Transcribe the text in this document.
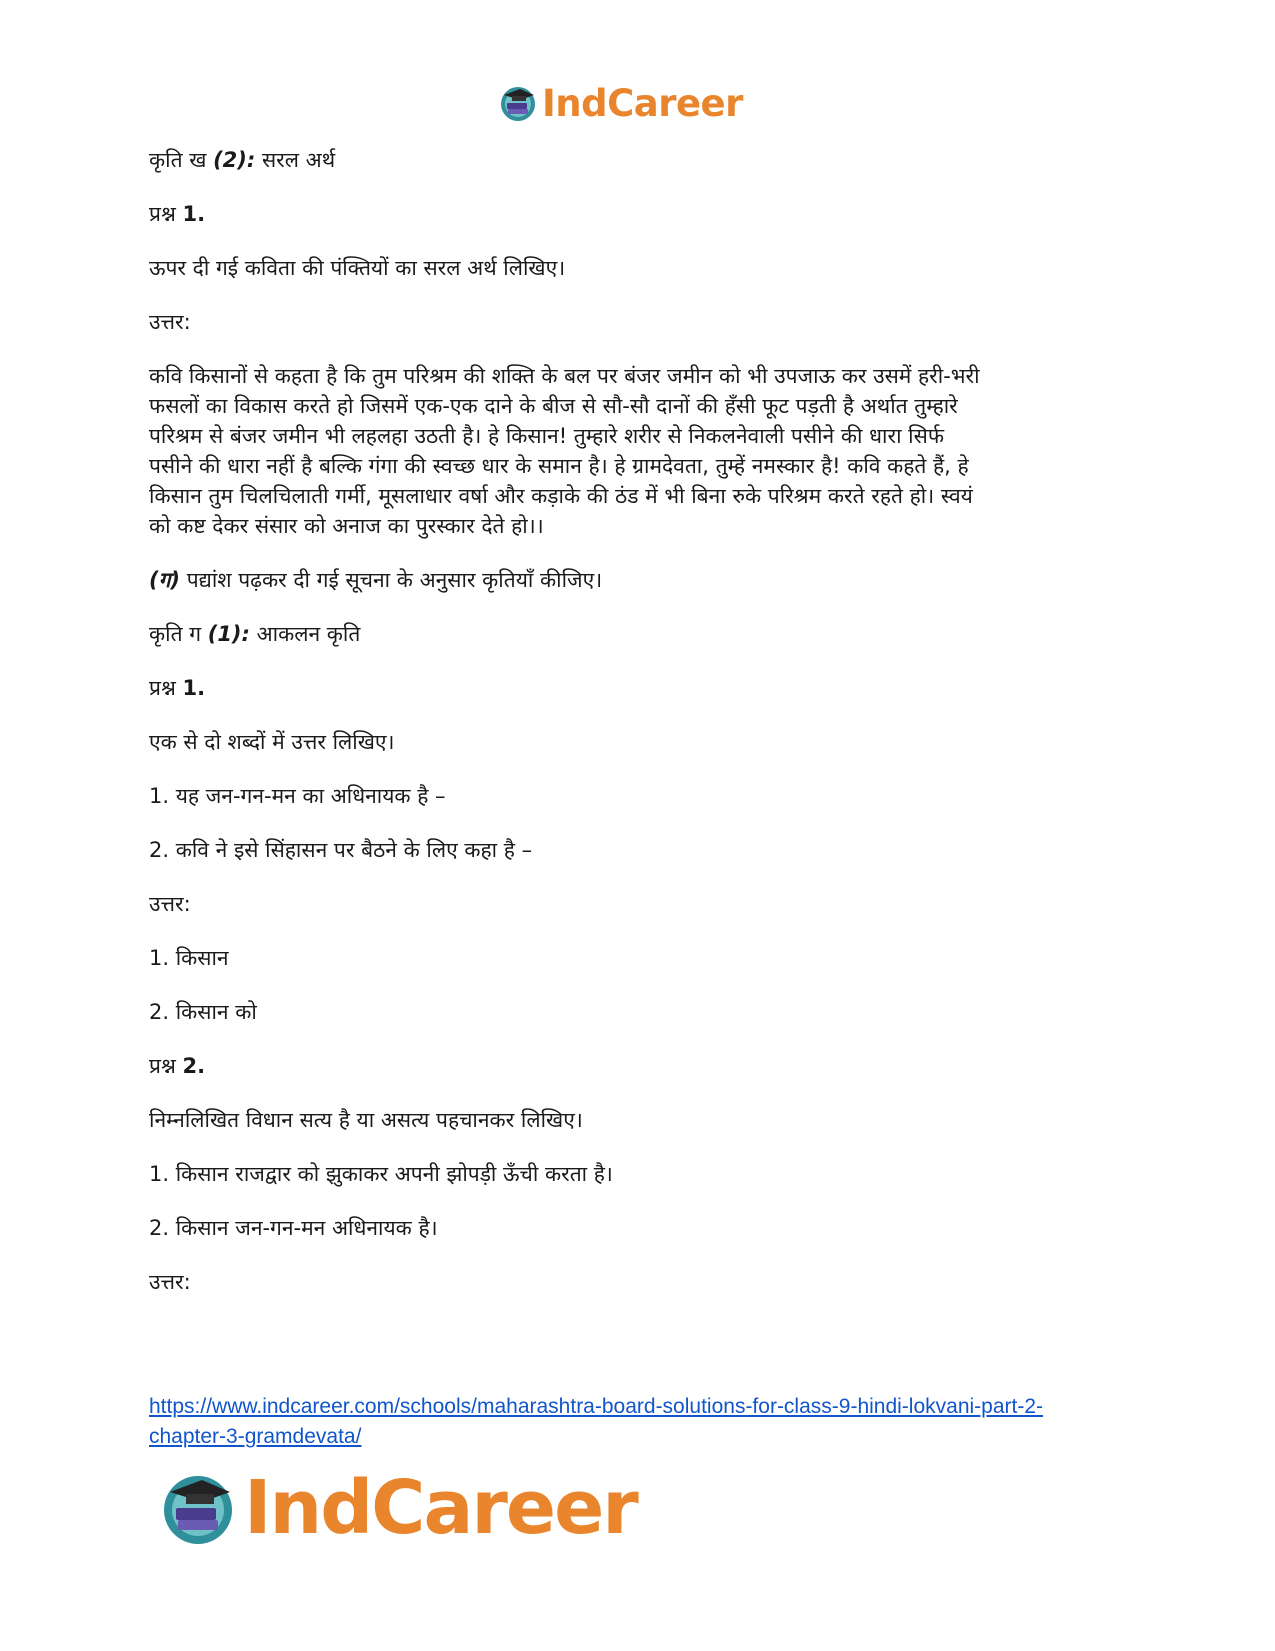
IndCareer
कृति ख (2): सरल अर्थ
प्रश्न 1.
ऊपर दी गई कविता की पंक्तियों का सरल अर्थ लिखिए।
उत्तर:
कवि किसानों से कहता है कि तुम परिश्रम की शक्ति के बल पर बंजर जमीन को भी उपजाऊ कर उसमें हरी-भरी
फसलों का विकास करते हो जिसमें एक-एक दाने के बीज से सौ-सौ दानों की हँसी फूट पड़ती है अर्थात तुम्हारे
परिश्रम से बंजर जमीन भी लहलहा उठती है। हे किसान! तुम्हारे शरीर से निकलनेवाली पसीने की धारा सिर्फ
पसीने की धारा नहीं है बल्कि गंगा की स्वच्छ धार के समान है। हे ग्रामदेवता, तुम्हें नमस्कार है! कवि कहते हैं, हे
किसान तुम चिलचिलाती गर्मी, मूसलाधार वर्षा और कड़ाके की ठंड में भी बिना रुके परिश्रम करते रहते हो। स्वयं
को कष्ट देकर संसार को अनाज का पुरस्कार देते हो।।
(ग) पद्यांश पढ़कर दी गई सूचना के अनुसार कृतियाँ कीजिए।
कृति ग (1): आकलन कृति
प्रश्न 1.
एक से दो शब्दों में उत्तर लिखिए।
1. यह जन-गन-मन का अधिनायक है –
2. कवि ने इसे सिंहासन पर बैठने के लिए कहा है –
उत्तर:
1. किसान
2. किसान को
प्रश्न 2.
निम्नलिखित विधान सत्य है या असत्य पहचानकर लिखिए।
1. किसान राजद्वार को झुकाकर अपनी झोपड़ी ऊँची करता है।
2. किसान जन-गन-मन अधिनायक है।
उत्तर:
https://www.indcareer.com/schools/maharashtra-board-solutions-for-class-9-hindi-lokvani-part-2-
chapter-3-gramdevata/
IndCareer
